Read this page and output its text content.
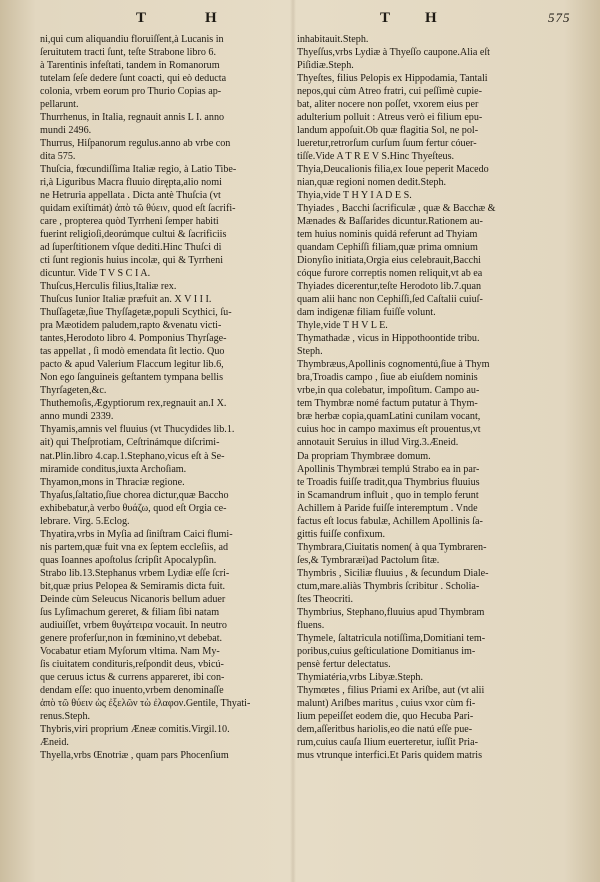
T	H	T H	575
ni,qui cum aliquandiu floruiſſent,à Lucanis in
ſeruitutem tracti ſunt, teſte Strabone libro 6.
à Tarentinis infeſtati, tandem in Romanorum
tutelam ſeſe dedere ſunt coacti, qui eò deducta
colonia, vrbem eorum pro Thurio Copias ap-
pellarunt.
Thurrhenus, in Italia, regnauit annis L I. anno
mundi 2496.
Thurrus, Hiſpanorum regulus.anno ab vrbe con
dita 575.
Thuſcia, fœcundiſſima Italiæ regio, à Latio Tibe-
ri,à Liguribus Macra fluuio dirępta,alio nomi
ne Hetruria appellata . Dicta antè Thuſcia (vt
quidam exiſtimát) ἀπὸ τῶ θύειν, quod eſt ſacrifi-
care , propterea quòd Tyrrheni ſemper habiti
fuerint religioſi,deorúmque cultui & ſacrificiis
ad ſuperſtitionem vſque dediti.Hinc Thuſci di
cti ſunt regionis huius incolæ, qui & Tyrrheni
dicuntur. Vide T V S C I A.
Thuſcus,Herculis filius,Italiæ rex.
Thuſcus Iunior Italiæ præfuit an. X V I I I.
Thuſſagetæ,ſiue Thyſſagetæ,populi Scythici, ſu-
pra Mæotidem paludem,rapto &venatu victi-
tantes,Herodoto libro 4. Pomponius Thyrſage-
tas appellat , ſi modò emendata ſit lectio. Quo
pacto & apud Valerium Flaccum legitur lib.6,
Non ego ſanguineis geſtantem tympana bellis
Thyrſageten,&c.
Thuthemoſis,Ægyptiorum rex,regnauit an.I X.
anno mundi 2339.
Thyamis,amnis vel fluuius (vt Thucydides lib.1.
ait) qui Theſprotiam, Ceſtrinámque diſcrimi-
nat.Plin.libro 4.cap.1.Stephano,vicus eſt à Se-
miramide conditus,iuxta Archoſiam.
Thyamon,mons in Thraciæ regione.
Thyaſus,ſaltatio,ſiue chorea dictur,quæ Baccho
exhibebatur,à verbo θυάζω, quod eſt Orgia ce-
lebrare. Virg. 5.Eclog.
Thyatira,vrbs in Myſia ad ſiniſtram Caici flumi-
nis partem,quæ fuit vna ex ſeptem eccleſiis, ad
quas Ioannes apoſtolus ſcripſit Apocalypſin.
Strabo lib.13.Stephanus vrbem Lydiæ eſſe ſcri-
bit,quæ prius Pelopea & Semiramis dicta fuit.
Deinde cùm Seleucus Nicanoris bellum aduer
ſus Lyſimachum gereret, & filiam ſibi natam
audiuiſſet, vrbem θυγάτειρα vocauit. In neutro
genere proferſur,non in fœminino,vt debebat.
Vocabatur etiam Myſorum vltima. Nam My-
ſis ciuitatem condituris,reſpondit deus, vbicú-
que ceruus ictus & currens appareret, ibi con-
dendam eſſe: quo inuento,vrbem denominaſſe
ἀπὸ τῶ θύειν ὡς ἐξελῶν τὼ ἐλαφον.Gentile, Thyati-
renus.Steph.
Thybris,viri proprium Æneæ comitis.Virgil.10.
Æneid.
Thyella,vrbs Œnotriæ , quam pars Phocenſium
inhabitauit.Steph.
Thyeſſus,vrbs Lydiæ à Thyeſſo caupone.Alia eſt
Piſidiæ.Steph.
Thyeſtes, filius Pelopis ex Hippodamia, Tantali
nepos,qui cùm Atreo fratri, cui peſſimè cupie-
bat, aliter nocere non poſſet, vxorem eius per
adulterium polluit : Atreus verò ei filium epu-
landum appoſuit.Ob quæ flagitia Sol, ne pol-
lueretur,retrorſum curſum ſuum fertur cóuer-
tiſſe.Vide A T R E V S.Hinc Thyeſteus.
Thyia,Deucalionis filia,ex Ioue peperit Macedo
nian,quæ regioni nomen dedit.Steph.
Thyia,vide T H Y I A D E S.
Thyiades , Bacchi ſacrificulæ , quæ & Bacchæ &
Mænades & Baſſarides dicuntur.Rationem au-
tem huius nominis quidá referunt ad Thyiam
quandam Cephiſſi filiam,quæ prima omnium
Dionyſio initiata,Orgia eius celebrauit,Bacchi
cóque furore correptis nomen reliquit,vt ab ea
Thyiades dicerentur,teſte Herodoto lib.7.quan
quam alii hanc non Cephiſſi,ſed Caſtalii cuiuſ-
dam indigenæ filiam fuiſſe volunt.
Thyle,vide T H V L E.
Thymathadæ , vicus in Hippothoontide tribu.
Steph.
Thymbræus,Apollinis cognomentú,ſiue à Thym
bra,Troadis campo , ſiue ab eiuſdem nominis
vrbe,in qua colebatur, impoſitum. Campo au-
tem Thymbræ nomé factum putatur à Thym-
bræ herbæ copia,quamLatini cunilam vocant,
cuius hoc in campo maximus eſt prouentus,vt
annotauit Seruius in illud Virg.3.Æneid.
Da propriam Thymbræe domum.
Apollinis Thymbræi templú Strabo ea in par-
te Troadis fuiſſe tradit,qua Thymbrius fluuius
in Scamandrum influit , quo in templo ferunt
Achillem à Paride fuiſſe interemptum . Vnde
factus eſt locus fabulæ, Achillem Apollinis ſa-
gittis fuiſſe confixum.
Thymbrara,Ciuitatis nomen( à qua Tymbraren-
ſes,& Tymbraræi)ad Pactolum ſitæ.
Thymbris , Siciliæ fluuius , & ſecundum Diale-
ctum,mare.aliàs Thymbris ſcribitur . Scholia-
ſtes Theocriti.
Thymbrius, Stephano,fluuius apud Thymbram
fluens.
Thymele, ſaltatricula notiſſima,Domitiani tem-
poribus,cuius geſticulatione Domitianus im-
pensè fertur delectatus.
Thymiatéria,vrbs Libyæ.Steph.
Thymœtes , filius Priami ex Ariſbe, aut (vt alii
malunt) Ariſbes maritus , cuius vxor cùm fi-
lium pepeiſſet eodem die, quo Hecuba Pari-
dem,aſſeritbus hariolis,eo die natú eſſe pue-
rum,cuius cauſa Ilium euerteretur, iuſſit Pria-
mus vtrunque interfici.Et Paris quidem matris
